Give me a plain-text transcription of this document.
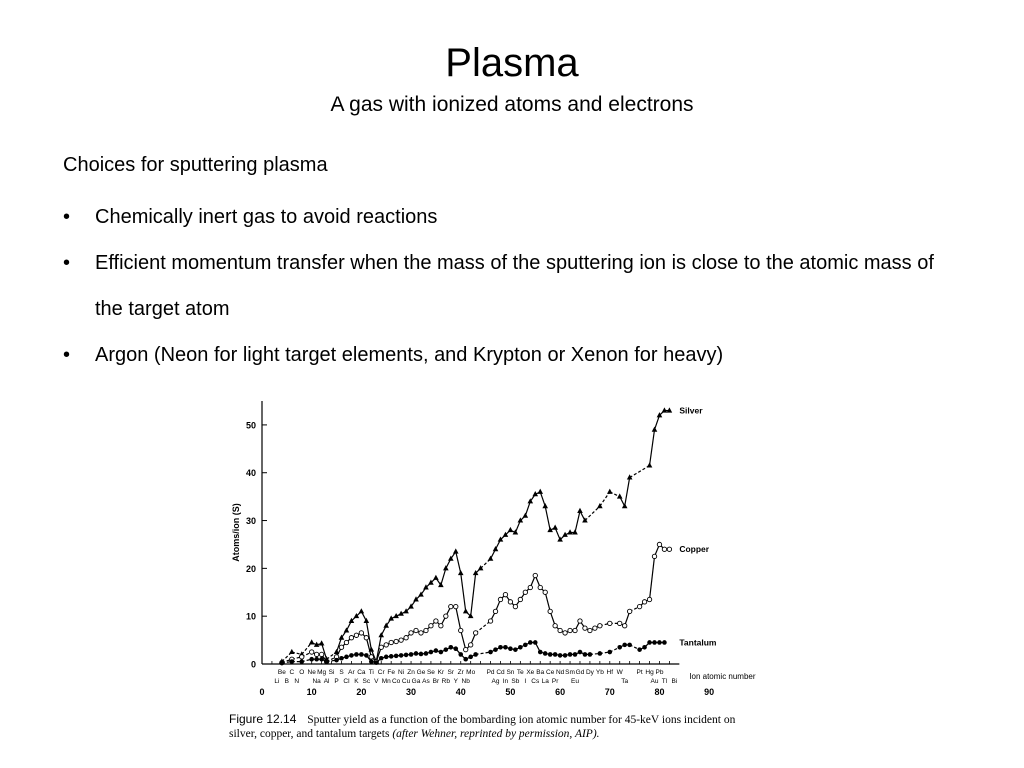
Plasma
A gas with ionized atoms and electrons
Choices for sputtering plasma
• Chemically inert gas to avoid reactions
• Efficient momentum transfer when the mass of the sputtering ion is close to the atomic mass of the target atom
• Argon (Neon for light target elements, and Krypton or Xenon for heavy)
0
10
20
30
40
50
Atoms/ion (S)
Be C O Ne Mg Si S Ar Ca Ti Cr Fe Ni Zn Ge Se Kr Sr Zr Mo Pd Cd Sn Te Xe Ba Ce Nd Sm Gd Dy Yb Hf W Pt Hg Pb
Li B N Na Al P Cl K Sc V Mn Co Cu Ga As Br Rb Y Nb	Ag In Sb I Cs La Pr Eu	Ta	Au Tl Bi
0	10	20	30	40	50	60	70	80	90
Ion atomic number
Silver
Copper
Tantalum
Figure 12.14 Sputter yield as a function of the bombarding ion atomic number for 45-keV ions incident on silver, copper, and tantalum targets (after Wehner, reprinted by permission, AIP).
